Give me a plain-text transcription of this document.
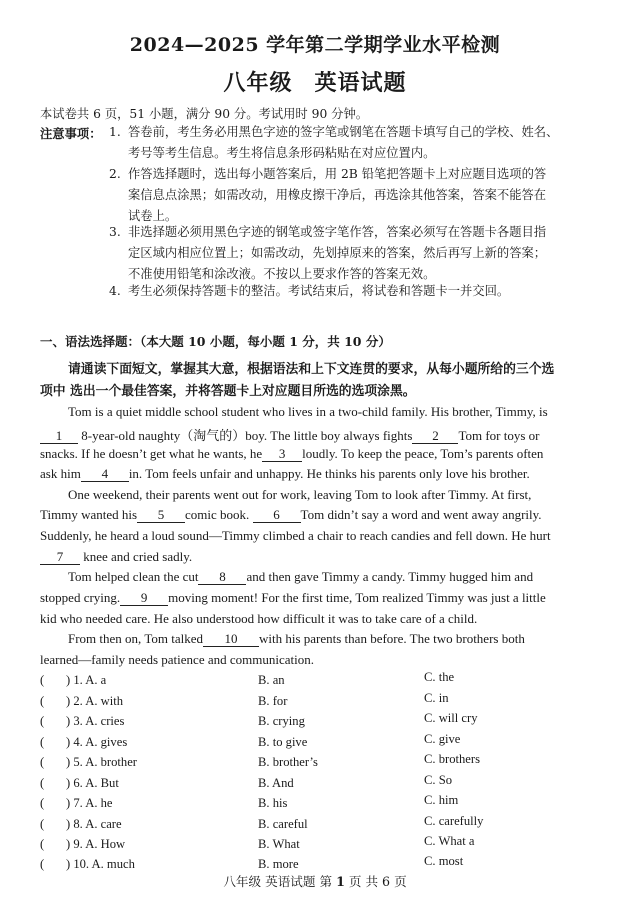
2024—2025 学年第二学期学业水平检测
八年级 英语试题
本试卷共 6 页，51 小题，满分 90 分。考试用时 90 分钟。
注意事项： 1. 答卷前，考生务必用黑色字迹的签字笔或钢笔在答题卡填写自己的学校、姓名、
考号等考生信息。考生将信息条形码粘贴在对应位置内。
2. 作答选择题时，选出每小题答案后，用 2B 铅笔把答题卡上对应题目选项的答
案信息点涂黑；如需改动，用橡皮擦干净后，再选涂其他答案，答案不能答在
试卷上。
3. 非选择题必须用黑色字迹的钢笔或签字笔作答，答案必须写在答题卡各题目指
定区域内相应位置上；如需改动，先划掉原来的答案，然后再写上新的答案；
不准使用铅笔和涂改液。不按以上要求作答的答案无效。
4. 考生必须保持答题卡的整洁。考试结束后，将试卷和答题卡一并交回。
一、语法选择题：（本大题 10 小题，每小题 1 分，共 10 分）
请通读下面短文，掌握其大意，根据语法和上下文连贯的要求，从每小题所给的三个选
项中 选出一个最佳答案，并将答题卡上对应题目所选的选项涂黑。
Tom is a quiet middle school student who lives in a two-child family. His brother, Timmy, is
1 8-year-old naughty（淘气的）boy. The little boy always fights 2 Tom for toys or
snacks. If he doesn’t get what he wants, he 3 loudly. To keep the peace, Tom’s parents often
ask him 4 in. Tom feels unfair and unhappy. He thinks his parents only love his brother.
One weekend, their parents went out for work, leaving Tom to look after Timmy. At first,
Timmy wanted his 5 comic book. 6 Tom didn’t say a word and went away angrily.
Suddenly, he heard a loud sound—Timmy climbed a chair to reach candies and fell down. He hurt
7 knee and cried sadly.
Tom helped clean the cut 8 and then gave Timmy a candy. Timmy hugged him and
stopped crying. 9 moving moment! For the first time, Tom realized Timmy was just a little
kid who needed care. He also understood how difficult it was to take care of a child.
From then on, Tom talked 10 with his parents than before. The two brothers both
learned—family needs patience and communication.
( ) 1. A. a	B. an	C. the
( ) 2. A. with	B. for	C. in
( ) 3. A. cries	B. crying	C. will cry
( ) 4. A. gives	B. to give	C. give
( ) 5. A. brother	B. brother’s	C. brothers
( ) 6. A. But	B. And	C. So
( ) 7. A. he	B. his	C. him
( ) 8. A. care	B. careful	C. carefully
( ) 9. A. How	B. What	C. What a
( ) 10. A. much	B. more	C. most
八年级 英语试题 第 1 页 共 6 页
